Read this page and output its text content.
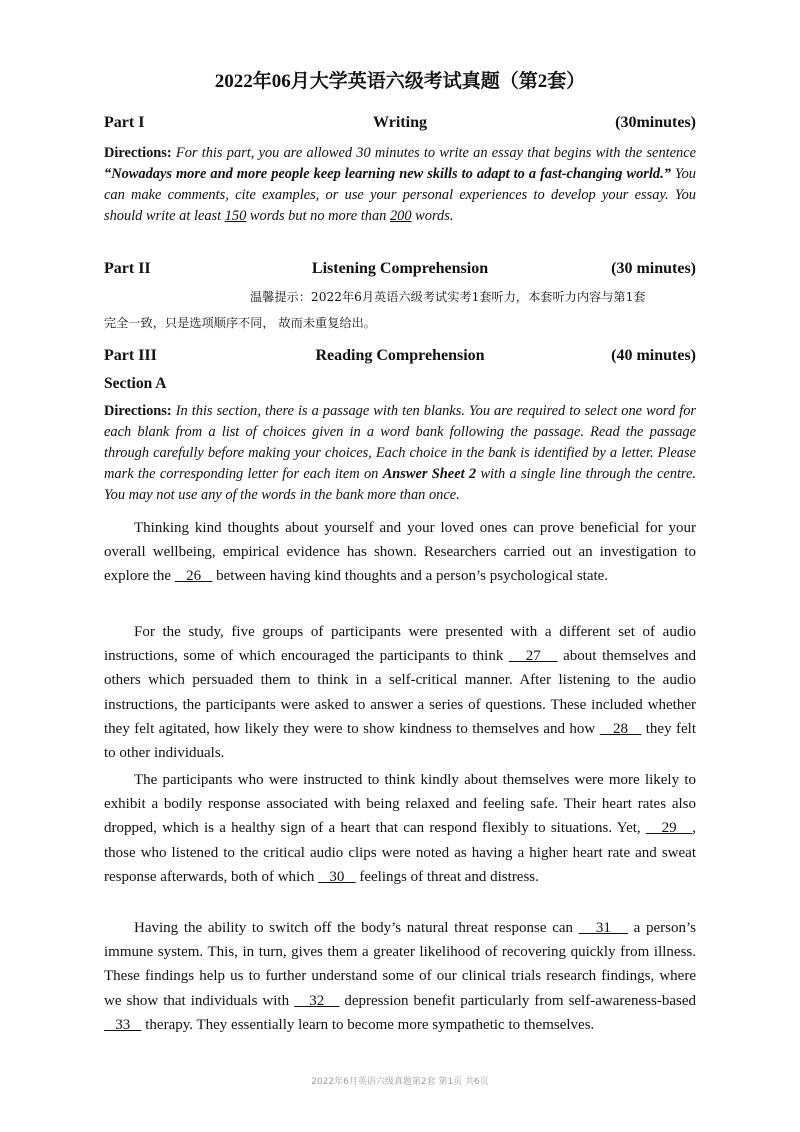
2022年06月大学英语六级考试真题（第2套）
Part I	Writing	(30minutes)
Directions: For this part, you are allowed 30 minutes to write an essay that begins with the sentence “Nowadays more and more people keep learning new skills to adapt to a fast-changing world.” You can make comments, cite examples, or use your personal experiences to develop your essay. You should write at least 150 words but no more than 200 words.
Part II	Listening Comprehension	(30 minutes)
温馨提示：2022年6月英语六级考试实考1套听力，本套听力内容与第1套
完全一致，只是选项顺序不同， 故而未重复给出。
Part III	Reading Comprehension	(40 minutes)
Section A
Directions: In this section, there is a passage with ten blanks. You are required to select one word for each blank from a list of choices given in a word bank following the passage. Read the passage through carefully before making your choices, Each choice in the bank is identified by a letter. Please mark the corresponding letter for each item on Answer Sheet 2 with a single line through the centre. You may not use any of the words in the bank more than once.

Thinking kind thoughts about yourself and your loved ones can prove beneficial for your overall wellbeing, empirical evidence has shown. Researchers carried out an investigation to explore the    26    between having kind thoughts and a person’s psychological state.

For the study, five groups of participants were presented with a different set of audio instructions, some of which encouraged the participants to think    27    about themselves and others which persuaded them to think in a self-critical manner. After listening to the audio instructions, the participants were asked to answer a series of questions. These included whether they felt agitated, how likely they were to show kindness to themselves and how    28    they felt to other individuals.

The participants who were instructed to think kindly about themselves were more likely to exhibit a bodily response associated with being relaxed and feeling safe. Their heart rates also dropped, which is a healthy sign of a heart that can respond flexibly to situations. Yet,    29   , those who listened to the critical audio clips were noted as having a higher heart rate and sweat response afterwards, both of which    30    feelings of threat and distress.

Having the ability to switch off the body’s natural threat response can    31    a person’s immune system. This, in turn, gives them a greater likelihood of recovering quickly from illness. These findings help us to further understand some of our clinical trials research findings, where we show that individuals with    32    depression benefit particularly from self-awareness-based    33    therapy. They essentially learn to become more sympathetic to themselves.

2022年6月英语六级真题第2套 第1页 共6页
